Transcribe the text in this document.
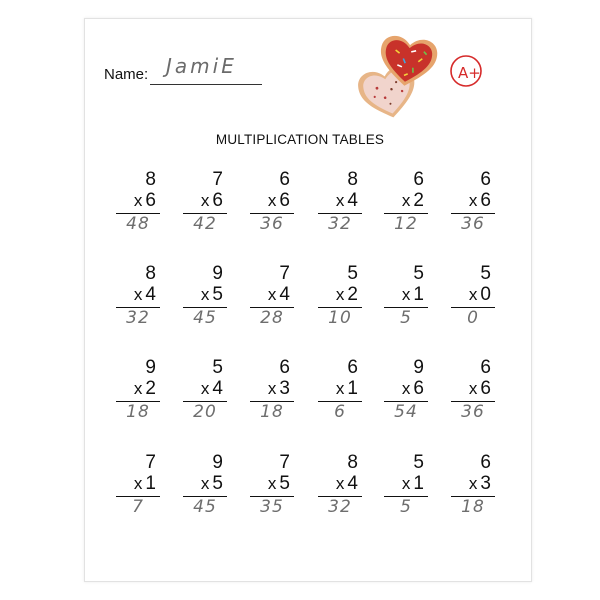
Name: JamiE	A+
MULTIPLICATION TABLES
8
x 6
48
7
x 6
42
6
x 6
36
8
x 4
32
6
x 2
12
6
x 6
36
8
x 4
32
9
x 5
45
7
x 4
28
5
x 2
10
5
x 1
5
5
x 0
0
9
x 2
18
5
x 4
20
6
x 3
18
6
x 1
6
9
x 6
54
6
x 6
36
7
x 1
7
9
x 5
45
7
x 5
35
8
x 4
32
5
x 1
5
6
x 3
18
